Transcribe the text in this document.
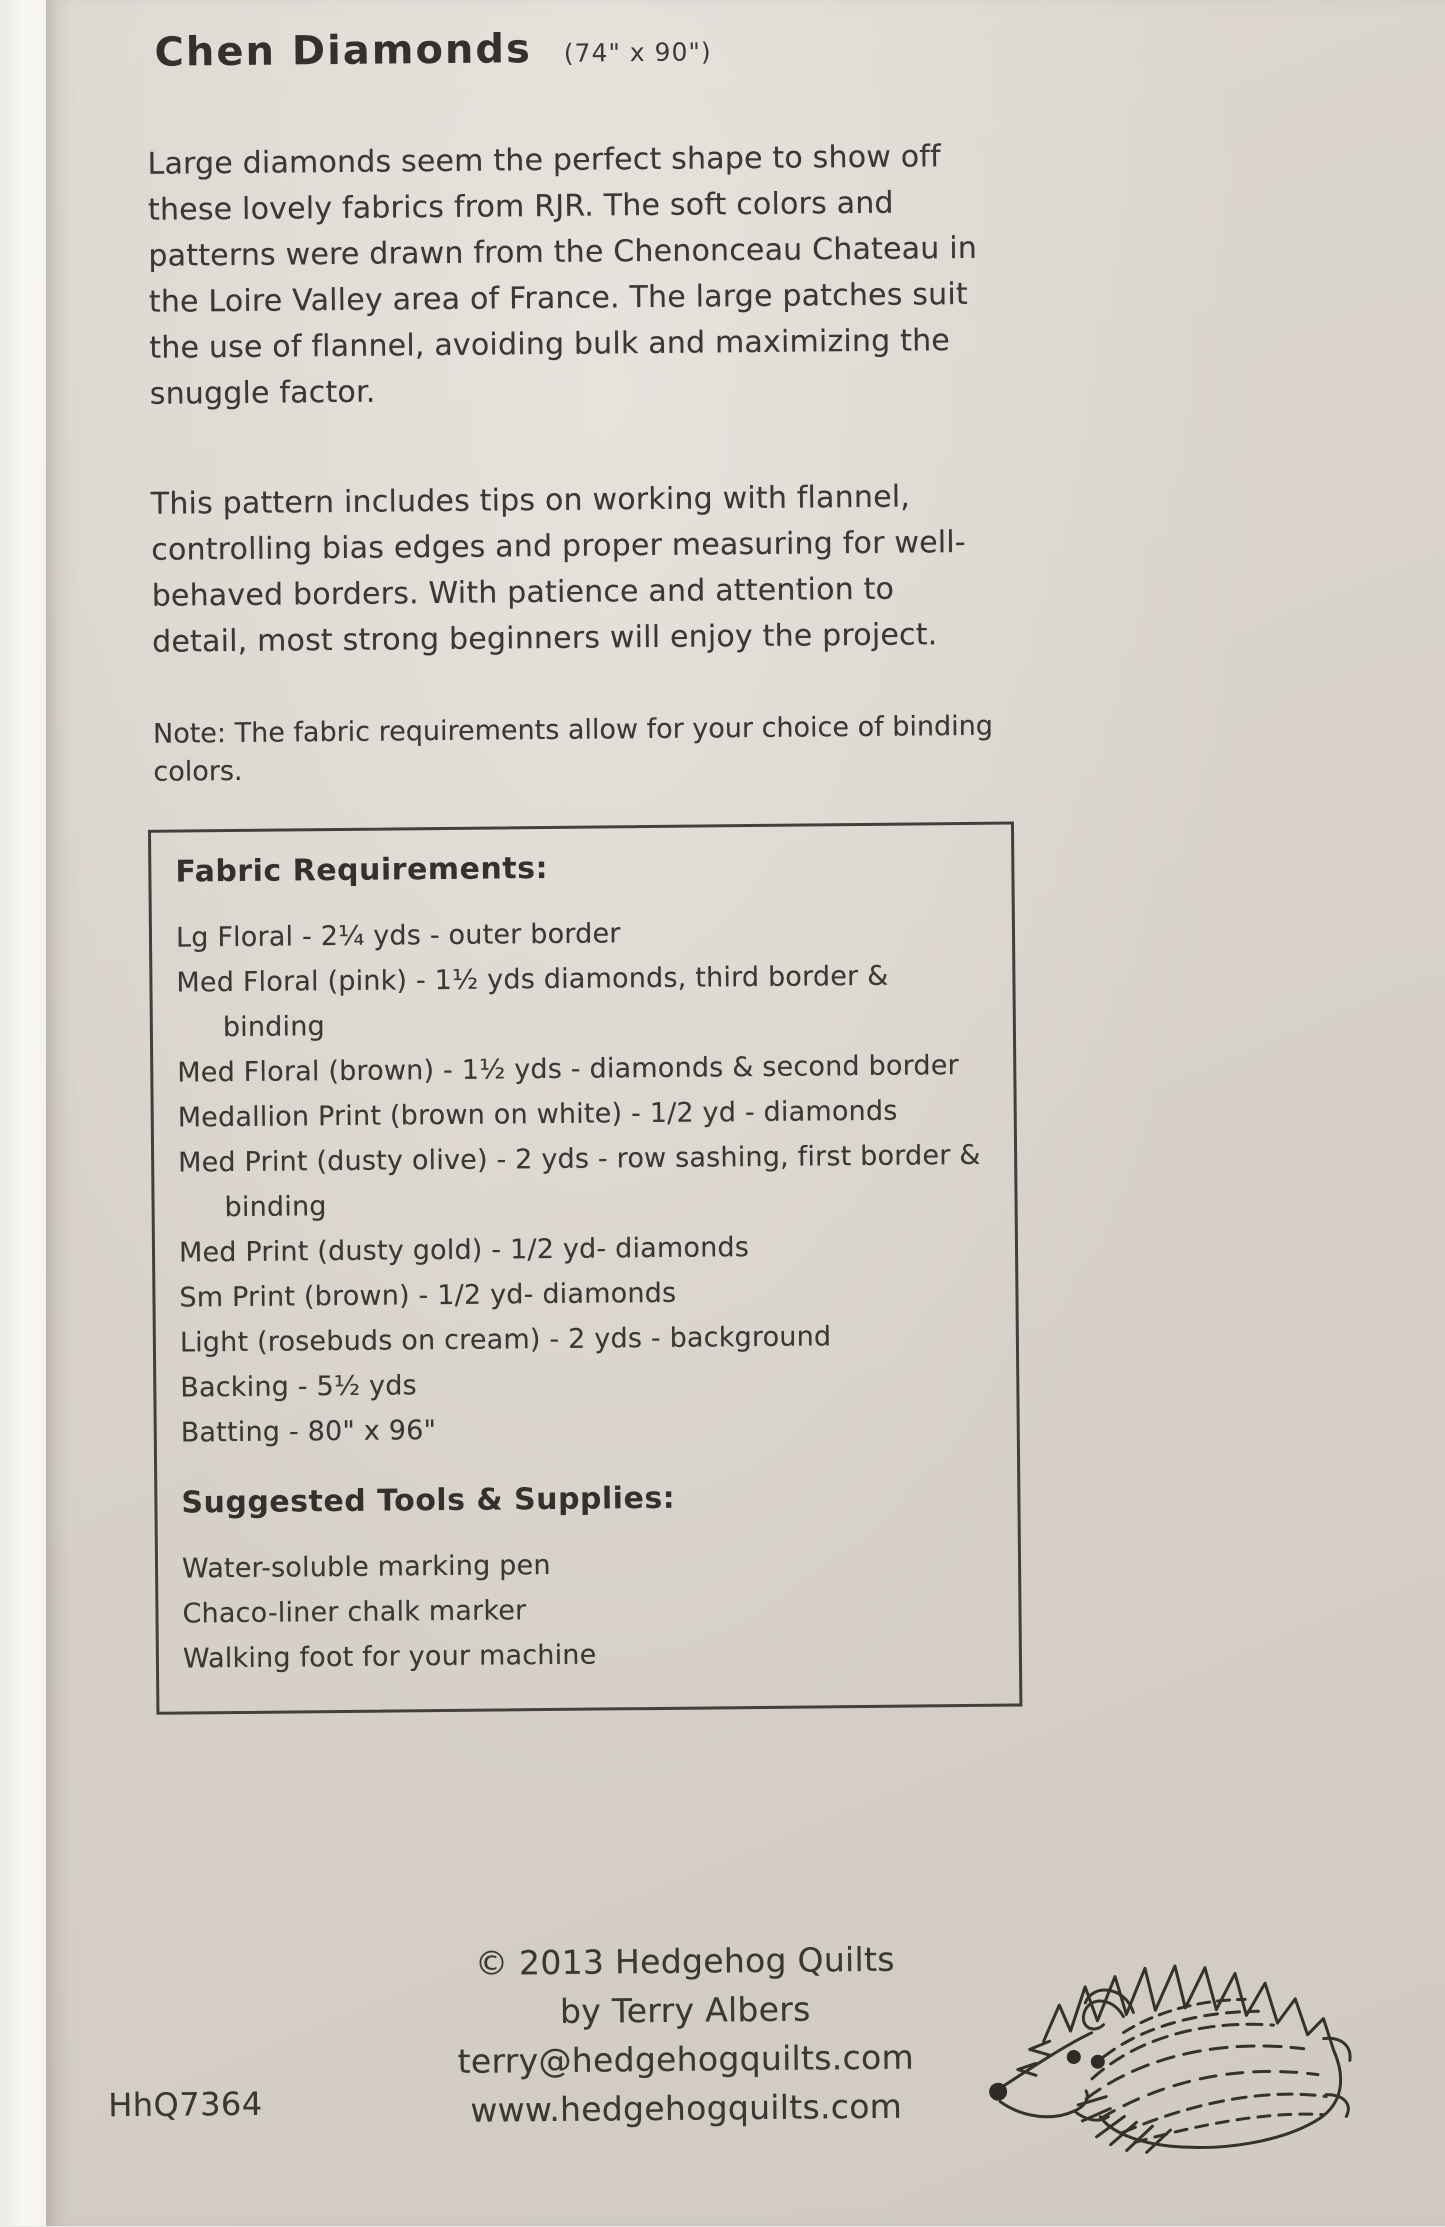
Chen Diamonds (74" x 90")

Large diamonds seem the perfect shape to show off these lovely fabrics from RJR. The soft colors and patterns were drawn from the Chenonceau Chateau in the Loire Valley area of France. The large patches suit the use of flannel, avoiding bulk and maximizing the snuggle factor.

This pattern includes tips on working with flannel, controlling bias edges and proper measuring for well-behaved borders. With patience and attention to detail, most strong beginners will enjoy the project.

Note: The fabric requirements allow for your choice of binding colors.

Fabric Requirements:
Lg Floral - 2¼ yds - outer border
Med Floral (pink) - 1½ yds diamonds, third border & binding
Med Floral (brown) - 1½ yds - diamonds & second border
Medallion Print (brown on white) - 1/2 yd - diamonds
Med Print (dusty olive) - 2 yds - row sashing, first border & binding
Med Print (dusty gold) - 1/2 yd- diamonds
Sm Print (brown) - 1/2 yd- diamonds
Light (rosebuds on cream) - 2 yds - background
Backing - 5½ yds
Batting - 80" x 96"
Suggested Tools & Supplies:
Water-soluble marking pen
Chaco-liner chalk marker
Walking foot for your machine
© 2013 Hedgehog Quilts
by Terry Albers
terry@hedgehogquilts.com
www.hedgehogquilts.com
HhQ7364
